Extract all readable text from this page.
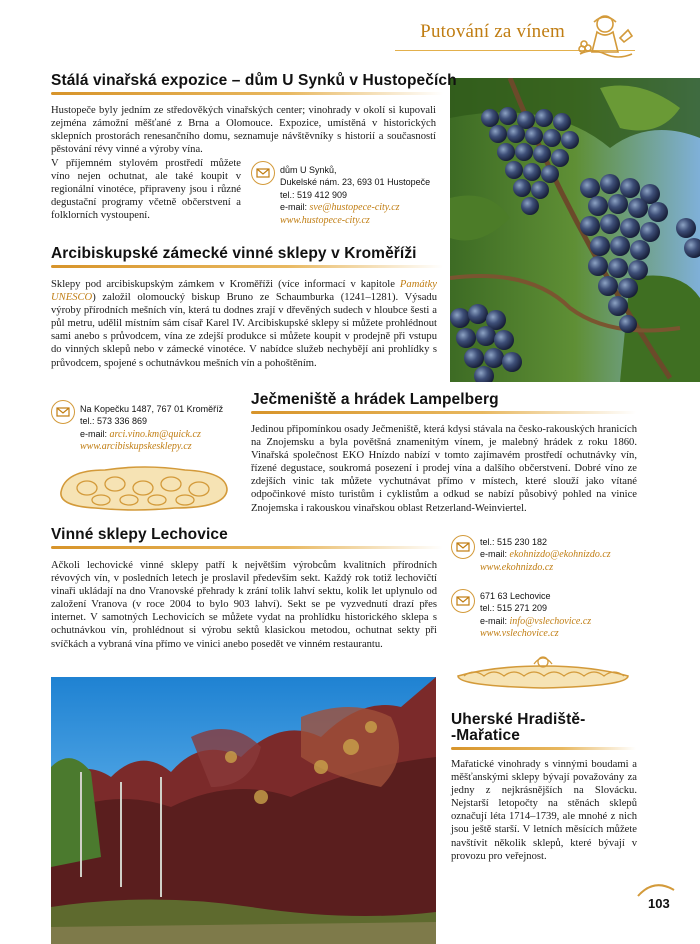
Putování za vínem
Stálá vinařská expozice – dům U Synků v Hustopečích
Hustopeče byly jedním ze středověkých vinařských center; vinohrady v okolí si kupovali zejména zámožní měšťané z Brna a Olomouce. Expozice, umístěná v historických sklepních prostorách renesančního domu, seznamuje návštěvníky s historií a současností pěstování révy vinné a výroby vína.
V příjemném stylovém prostředí můžete víno nejen ochutnat, ale také koupit v regionální vinotéce, připraveny jsou i různé degustační programy včetně občerstvení a folklorních vystoupení.
dům U Synků,
Dukelské nám. 23, 693 01 Hustopeče
tel.: 519 412 909
e-mail: sve@hustopece-city.cz
www.hustopece-city.cz
Arcibiskupské zámecké vinné sklepy v Kroměříži
Sklepy pod arcibiskupským zámkem v Kroměříži (více informací v kapitole Památky UNESCO) založil olomoucký biskup Bruno ze Schaumburka (1241–1281). Výsadu výroby přírodních mešních vín, která tu dodnes zrají v dřevěných sudech v hloubce šesti a půl metru, udělil místním sám císař Karel IV. Arcibiskupské sklepy si můžete prohlédnout sami anebo s průvodcem, vína ze zdejší produkce si můžete koupit v prodejně při vstupu do vinných sklepů nebo v zámecké vinotéce. V nabídce služeb nechybějí ani prohlídky s průvodcem, spojené s ochutnávkou mešních vín a pohoštěním.
Na Kopečku 1487, 767 01 Kroměříž
tel.: 573 336 869
e-mail: arci.vino.km@quick.cz
www.arcibiskupskesklepy.cz
Ječmeniště a hrádek Lampelberg
Jedinou připomínkou osady Ječmeniště, která kdysi stávala na česko-rakouských hranicích na Znojemsku a byla povětšná znamenitým vínem, je malebný hrádek z roku 1860. Vinařská společnost EKO Hnízdo nabízí v tomto zajímavém prostředí ochutnávky vín, řízené degustace, soukromá posezení i prodej vína a dalšího občerstvení. Dobré víno ze zdejších vinic tak můžete vychutnávat přímo v místech, které slouží jako vítané odpočinkové místo turistům i cyklistům a odkud se nabízí působivý pohled na vinice Znojemska i rakouskou vinařskou oblast Retzerland-Weinviertel.
tel.: 515 230 182
e-mail: ekohnizdo@ekohnizdo.cz
www.ekohnizdo.cz
Vinné sklepy Lechovice
Ačkoli lechovické vinné sklepy patří k největším výrobcům kvalitních přírodních révových vín, v posledních letech je proslavil především sekt. Každý rok totiž lechovičtí vinaři ukládají na dno Vranovské přehrady k zrání tolik lahví sektu, kolik let uplynulo od založení Vranova (v roce 2004 to bylo 903 lahví). Sekt se pe vyzvednutí drazí přes internet. V samotných Lechovicích se můžete vydat na prohlídku historického sklepa s ochutnávkou vín, prohlédnout si výrobu sektů klasickou metodou, ochutnat sekty při svíčkách a vybraná vína přímo ve vinici anebo posedět ve vinném restaurantu.
671 63 Lechovice
tel.: 515 271 209
e-mail: info@vslechovice.cz
www.vslechovice.cz
Uherské Hradiště-
-Mařatice
Mařatické vinohrady s vinnými boudami a měšťanskými sklepy bývají považovány za jedny z nejkrásnějších na Slovácku. Nejstarší letopočty na stěnách sklepů označují léta 1714–1739, ale mnohé z nich jsou ještě starší. V letních měsících můžete navštívit několik sklepů, které bývají v provozu pro veřejnost.
103
